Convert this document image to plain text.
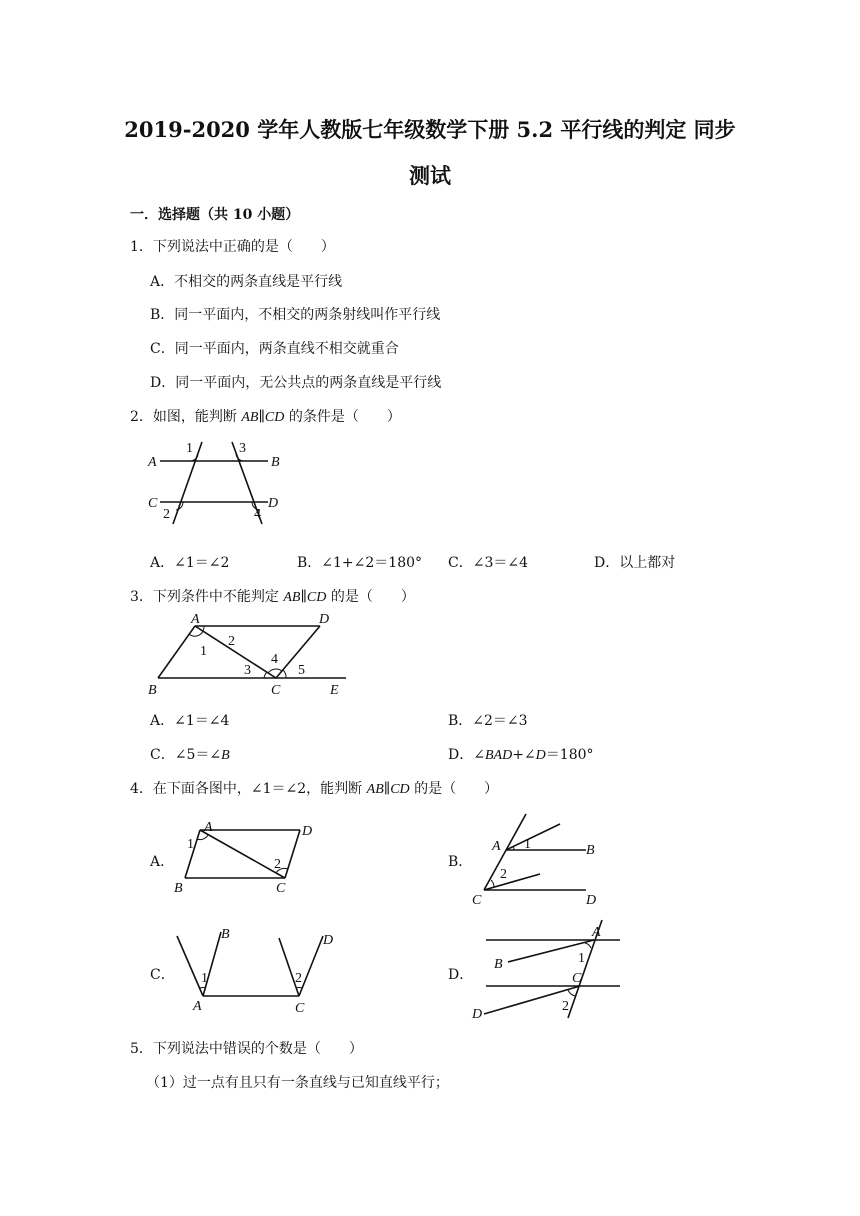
2019-2020 学年人教版七年级数学下册 5.2 平行线的判定 同步
测试
一．选择题（共 10 小题）
1．下列说法中正确的是（　　）
A．不相交的两条直线是平行线
B．同一平面内，不相交的两条射线叫作平行线
C．同一平面内，两条直线不相交就重合
D．同一平面内，无公共点的两条直线是平行线
2．如图，能判断 AB∥CD 的条件是（　　）
A	B
C	D
1
2
3
4
A．∠1＝∠2	B．∠1+∠2＝180° C．∠3＝∠4	D．以上都对
3．下列条件中不能判定 AB∥CD 的是（　　）
A	D
B	C	E
1
2
3
4
5
A．∠1＝∠4	B．∠2＝∠3
C．∠5＝∠B	D．∠BAD+∠D＝180°
4．在下面各图中，∠1＝∠2，能判断 AB∥CD 的是（　　）
A．
A	D
B	C
1
2	B．
A	B
C	D
1
2
C．
B	D
A	C
1	2	D．
A
B
C
D
1
2
5．下列说法中错误的个数是（　　）
（1）过一点有且只有一条直线与已知直线平行；
